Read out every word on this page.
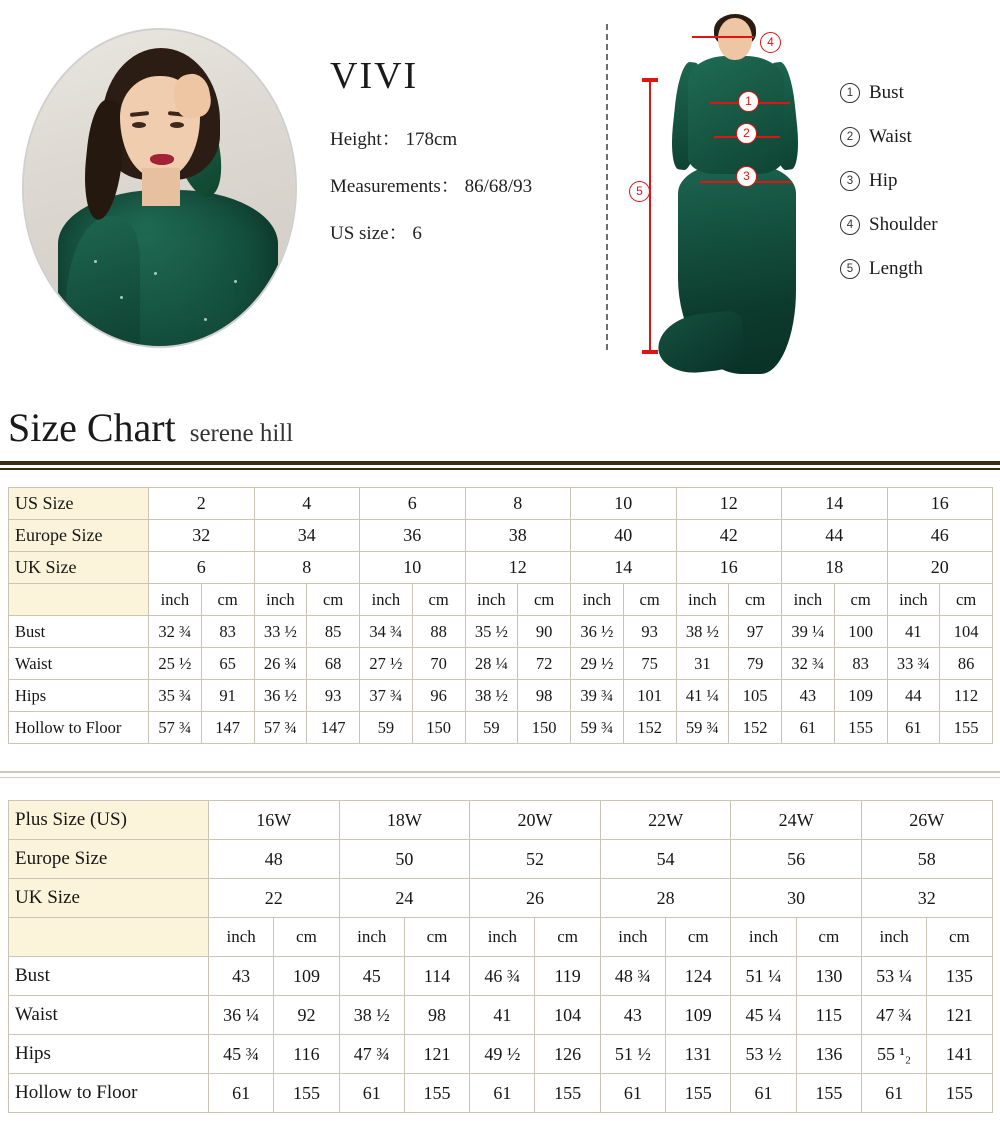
VIVI
Height： 178cm
Measurements： 86/68/93
US size： 6
1
2
3
4
5
1 Bust
2 Waist
3 Hip
4 Shoulder
5 Length
Size Chart serene hill
US Size	2		4		6		8		10		12		14		16	
Europe Size	32		34		36		38		40		42		44		46	
UK Size	6		8		10		12		14		16		18		20	
	inch	cm	inch	cm	inch	cm	inch	cm	inch	cm	inch	cm	inch	cm	inch	cm
Bust	32 ¾	83	33 ½	85	34 ¾	88	35 ½	90	36 ½	93	38 ½	97	39 ¼	100	41	104
Waist	25 ½	65	26 ¾	68	27 ½	70	28 ¼	72	29 ½	75	31	79	32 ¾	83	33 ¾	86
Hips	35 ¾	91	36 ½	93	37 ¾	96	38 ½	98	39 ¾	101	41 ¼	105	43	109	44	112
Hollow to Floor	57 ¾	147	57 ¾	147	59	150	59	150	59 ¾	152	59 ¾	152	61	155	61	155
Plus Size (US)	16W		18W		20W		22W		24W		26W	
Europe Size	48		50		52		54		56		58	
UK Size	22		24		26		28		30		32	
	inch	cm	inch	cm	inch	cm	inch	cm	inch	cm	inch	cm
Bust	43	109	45	114	46 ¾	119	48 ¾	124	51 ¼	130	53 ¼	135
Waist	36 ¼	92	38 ½	98	41	104	43	109	45 ¼	115	47 ¾	121
Hips	45 ¾	116	47 ¾	121	49 ½	126	51 ½	131	53 ½	136	55 ¹₂	141
Hollow to Floor	61	155	61	155	61	155	61	155	61	155	61	155
